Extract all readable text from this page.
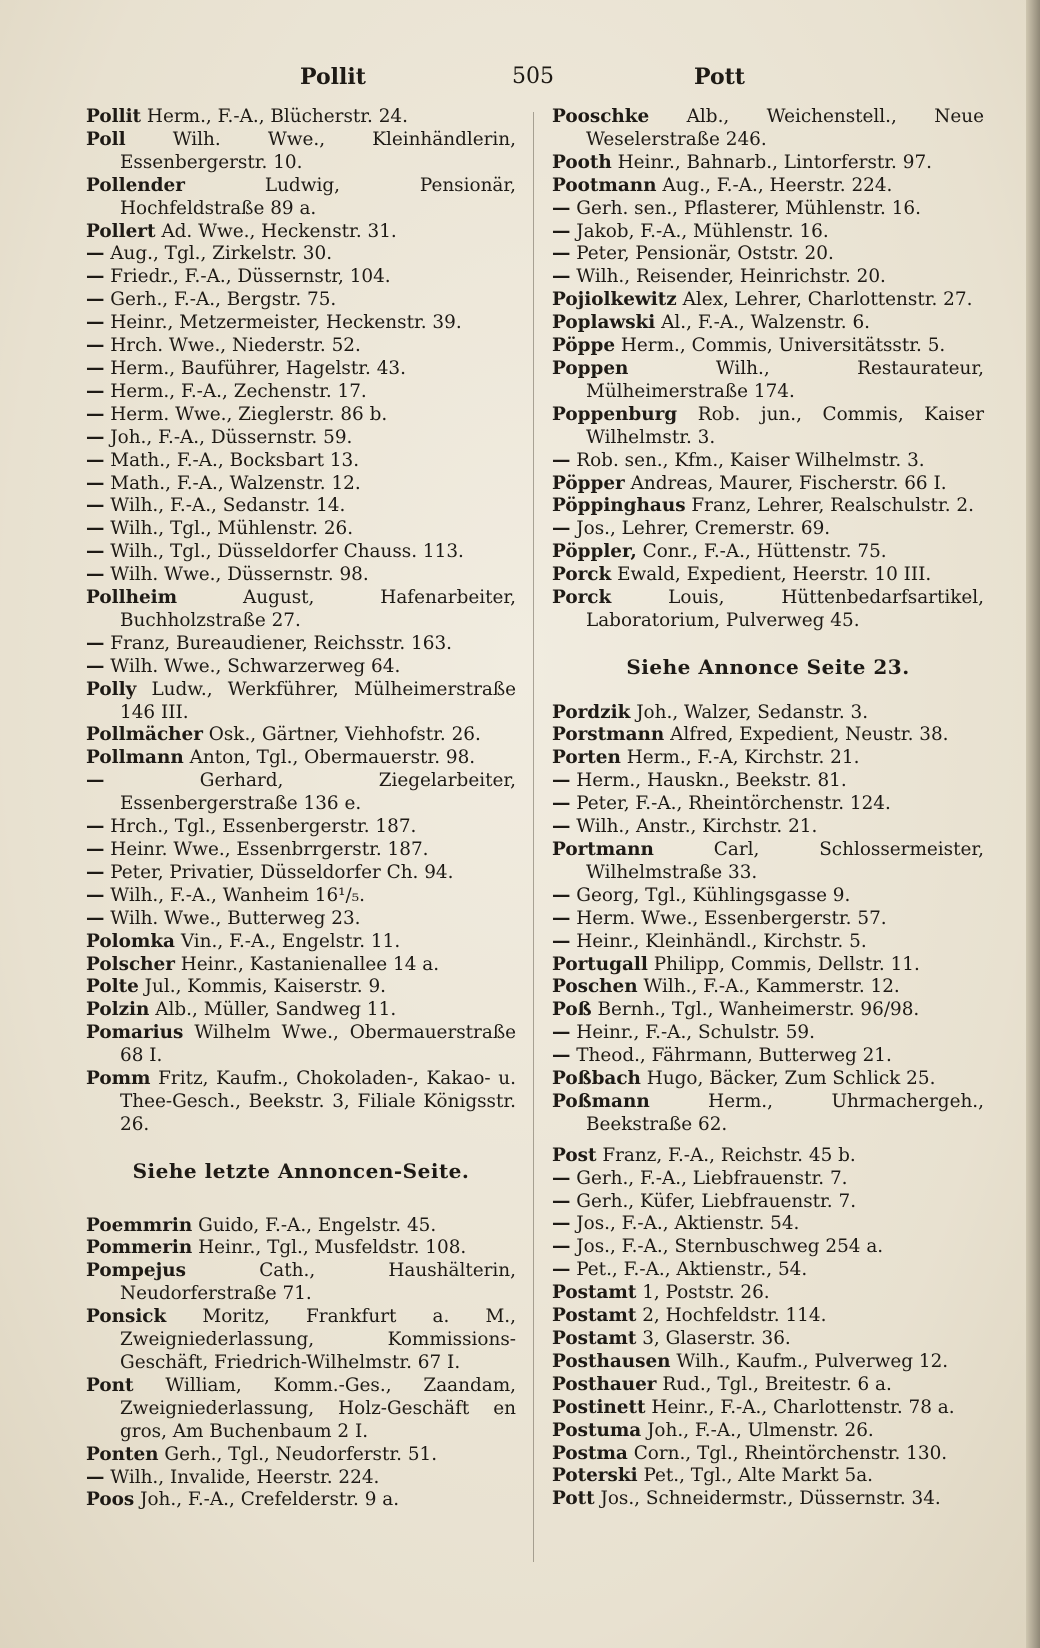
Pollit	505	Pott

Pollit Herm., F.-A., Blücherstr. 24.

Poll	Wilh. Wwe., Kleinhändlerin, Essenbergerstr. 10.

Pollender	Ludwig, Pensionär, Hochfeldstraße 89 a.

Pollert Ad. Wwe., Heckenstr. 31.

— Aug., Tgl., Zirkelstr. 30.

— Friedr., F.-A., Düssernstr, 104.

— Gerh., F.-A., Bergstr. 75.

— Heinr., Metzermeister, Heckenstr. 39.

— Hrch. Wwe., Niederstr. 52.

— Herm., Bauführer, Hagelstr. 43.

— Herm., F.-A., Zechenstr. 17.

— Herm. Wwe., Zieglerstr. 86 b.

— Joh., F.-A., Düssernstr. 59.

— Math., F.-A., Bocksbart 13.

— Math., F.-A., Walzenstr. 12.

— Wilh., F.-A., Sedanstr. 14.

— Wilh., Tgl., Mühlenstr. 26.

— Wilh., Tgl., Düsseldorfer Chauss. 113.

— Wilh. Wwe., Düssernstr. 98.

Pollheim	August, Hafenarbeiter, Buchholzstraße 27.

— Franz, Bureaudiener, Reichsstr. 163.

— Wilh. Wwe., Schwarzerweg 64.

Polly Ludw., Werkführer, Mülheimerstraße 146 III.

Pollmächer Osk., Gärtner, Viehhofstr. 26.

Pollmann Anton, Tgl., Obermauerstr. 98.

—	Gerhard, Ziegelarbeiter, Essenbergerstraße 136 e.

— Hrch., Tgl., Essenbergerstr. 187.

— Heinr. Wwe., Essenbrrgerstr. 187.

— Peter, Privatier, Düsseldorfer Ch. 94.

— Wilh., F.-A., Wanheim 16¹/₅.

— Wilh. Wwe., Butterweg 23.

Polomka Vin., F.-A., Engelstr. 11.

Polscher Heinr., Kastanienallee 14 a.

Polte Jul., Kommis, Kaiserstr. 9.

Polzin Alb., Müller, Sandweg 11.

Pomarius Wilhelm Wwe., Obermauerstraße 68 I.

Pomm Fritz, Kaufm., Chokoladen-, Kakao- u. Thee-Gesch., Beekstr. 3, Filiale Königsstr. 26.

Siehe letzte Annoncen-Seite.

Poemmrin Guido, F.-A., Engelstr. 45.

Pommerin Heinr., Tgl., Musfeldstr. 108.

Pompejus	Cath., Haushälterin, Neudorferstraße 71.

Ponsick Moritz, Frankfurt a. M., Zweigniederlassung, Kommissions-Geschäft, Friedrich-Wilhelmstr. 67 I.

Pont William, Komm.-Ges., Zaandam, Zweigniederlassung, Holz-Geschäft en gros, Am Buchenbaum 2 I.

Ponten Gerh., Tgl., Neudorferstr. 51.

— Wilh., Invalide, Heerstr. 224.

Poos Joh., F.-A., Crefelderstr. 9 a.

Pooschke Alb., Weichenstell., Neue Weselerstraße 246.

Pooth Heinr., Bahnarb., Lintorferstr. 97.

Pootmann Aug., F.-A., Heerstr. 224.

— Gerh. sen., Pflasterer, Mühlenstr. 16.

— Jakob, F.-A., Mühlenstr. 16.

— Peter, Pensionär, Oststr. 20.

— Wilh., Reisender, Heinrichstr. 20.

Pojiolkewitz Alex, Lehrer, Charlottenstr. 27.

Poplawski Al., F.-A., Walzenstr. 6.

Pöppe Herm., Commis, Universitätsstr. 5.

Poppen	Wilh., Restaurateur, Mülheimerstraße 174.

Poppenburg Rob. jun., Commis, Kaiser Wilhelmstr. 3.

— Rob. sen., Kfm., Kaiser Wilhelmstr. 3.

Pöpper Andreas, Maurer, Fischerstr. 66 I.

Pöppinghaus Franz, Lehrer, Realschulstr. 2.

— Jos., Lehrer, Cremerstr. 69.

Pöppler, Conr., F.-A., Hüttenstr. 75.

Porck Ewald, Expedient, Heerstr. 10 III.

Porck	Louis, Hüttenbedarfsartikel, Laboratorium, Pulverweg 45.

Siehe Annonce Seite 23.

Pordzik Joh., Walzer, Sedanstr. 3.

Porstmann Alfred, Expedient, Neustr. 38.

Porten Herm., F.-A, Kirchstr. 21.

— Herm., Hauskn., Beekstr. 81.

— Peter, F.-A., Rheintörchenstr. 124.

— Wilh., Anstr., Kirchstr. 21.

Portmann	Carl, Schlossermeister, Wilhelmstraße 33.

— Georg, Tgl., Kühlingsgasse 9.

— Herm. Wwe., Essenbergerstr. 57.

— Heinr., Kleinhändl., Kirchstr. 5.

Portugall Philipp, Commis, Dellstr. 11.

Poschen Wilh., F.-A., Kammerstr. 12.

Poß Bernh., Tgl., Wanheimerstr. 96/98.

— Heinr., F.-A., Schulstr. 59.

— Theod., Fährmann, Butterweg 21.

Poßbach Hugo, Bäcker, Zum Schlick 25.

Poßmann	Herm., Uhrmachergeh., Beekstraße 62.

Post Franz, F.-A., Reichstr. 45 b.

— Gerh., F.-A., Liebfrauenstr. 7.

— Gerh., Küfer, Liebfrauenstr. 7.

— Jos., F.-A., Aktienstr. 54.

— Jos., F.-A., Sternbuschweg 254 a.

— Pet., F.-A., Aktienstr., 54.

Postamt 1, Poststr. 26.

Postamt 2, Hochfeldstr. 114.

Postamt 3, Glaserstr. 36.

Posthausen Wilh., Kaufm., Pulverweg 12.

Posthauer Rud., Tgl., Breitestr. 6 a.

Postinett Heinr., F.-A., Charlottenstr. 78 a.

Postuma Joh., F.-A., Ulmenstr. 26.

Postma Corn., Tgl., Rheintörchenstr. 130.

Poterski Pet., Tgl., Alte Markt 5a.

Pott Jos., Schneidermstr., Düssernstr. 34.
